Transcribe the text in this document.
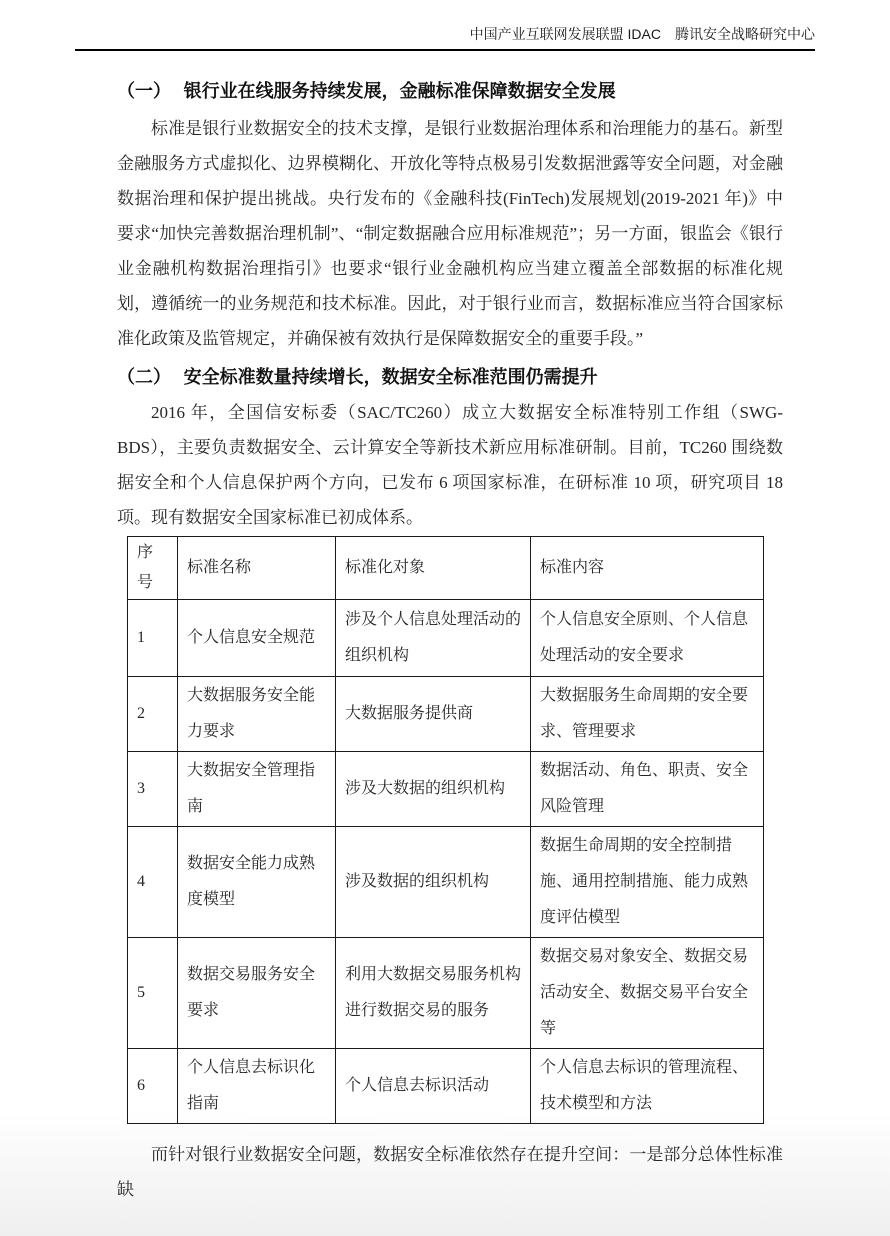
中国产业互联网发展联盟 IDAC　腾讯安全战略研究中心
（一） 银行业在线服务持续发展，金融标准保障数据安全发展

标准是银行业数据安全的技术支撑，是银行业数据治理体系和治理能力的基石。新型金融服务方式虚拟化、边界模糊化、开放化等特点极易引发数据泄露等安全问题，对金融数据治理和保护提出挑战。央行发布的《金融科技(FinTech)发展规划(2019-2021 年)》中要求“加快完善数据治理机制”、“制定数据融合应用标准规范”；另一方面，银监会《银行业金融机构数据治理指引》也要求“银行业金融机构应当建立覆盖全部数据的标准化规划，遵循统一的业务规范和技术标准。因此，对于银行业而言，数据标准应当符合国家标准化政策及监管规定，并确保被有效执行是保障数据安全的重要手段。”

（二） 安全标准数量持续增长，数据安全标准范围仍需提升

2016 年，全国信安标委（SAC/TC260）成立大数据安全标准特别工作组（SWG-BDS），主要负责数据安全、云计算安全等新技术新应用标准研制。目前，TC260 围绕数据安全和个人信息保护两个方向，已发布 6 项国家标准，在研标准 10 项，研究项目 18 项。现有数据安全国家标准已初成体系。

序号	标准名称	标准化对象	标准内容
1	个人信息安全规范	涉及个人信息处理活动的组织机构	个人信息安全原则、个人信息处理活动的安全要求
2	大数据服务安全能力要求	大数据服务提供商	大数据服务生命周期的安全要求、管理要求
3	大数据安全管理指南	涉及大数据的组织机构	数据活动、角色、职责、安全风险管理
4	数据安全能力成熟度模型	涉及数据的组织机构	数据生命周期的安全控制措施、通用控制措施、能力成熟度评估模型
5	数据交易服务安全要求	利用大数据交易服务机构进行数据交易的服务	数据交易对象安全、数据交易活动安全、数据交易平台安全等
6	个人信息去标识化指南	个人信息去标识活动	个人信息去标识的管理流程、技术模型和方法

而针对银行业数据安全问题，数据安全标准依然存在提升空间：一是部分总体性标准缺
